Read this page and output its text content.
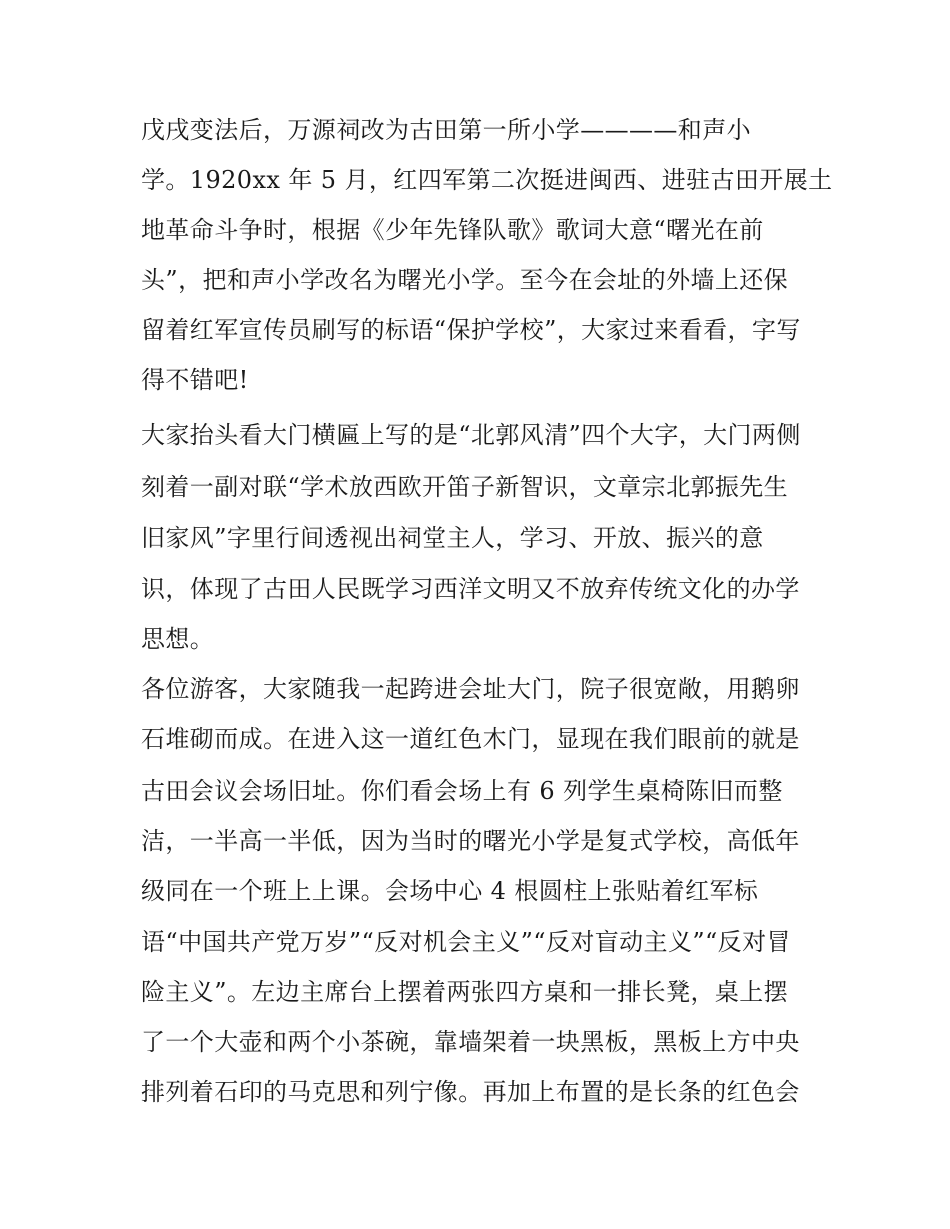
戊戌变法后，万源祠改为古田第一所小学————和声小
学。1920xx 年 5 月，红四军第二次挺进闽西、进驻古田开展土
地革命斗争时，根据《少年先锋队歌》歌词大意“曙光在前
头”，把和声小学改名为曙光小学。至今在会址的外墙上还保
留着红军宣传员刷写的标语“保护学校”，大家过来看看，字写
得不错吧!
大家抬头看大门横匾上写的是“北郭风清”四个大字，大门两侧
刻着一副对联“学术放西欧开笛子新智识，文章宗北郭振先生
旧家风”字里行间透视出祠堂主人，学习、开放、振兴的意
识，体现了古田人民既学习西洋文明又不放弃传统文化的办学
思想。
各位游客，大家随我一起跨进会址大门，院子很宽敞，用鹅卵
石堆砌而成。在进入这一道红色木门，显现在我们眼前的就是
古田会议会场旧址。你们看会场上有 6 列学生桌椅陈旧而整
洁，一半高一半低，因为当时的曙光小学是复式学校，高低年
级同在一个班上上课。会场中心 4 根圆柱上张贴着红军标
语“中国共产党万岁”“反对机会主义”“反对盲动主义”“反对冒
险主义”。左边主席台上摆着两张四方桌和一排长凳，桌上摆
了一个大壶和两个小茶碗，靠墙架着一块黑板，黑板上方中央
排列着石印的马克思和列宁像。再加上布置的是长条的红色会
